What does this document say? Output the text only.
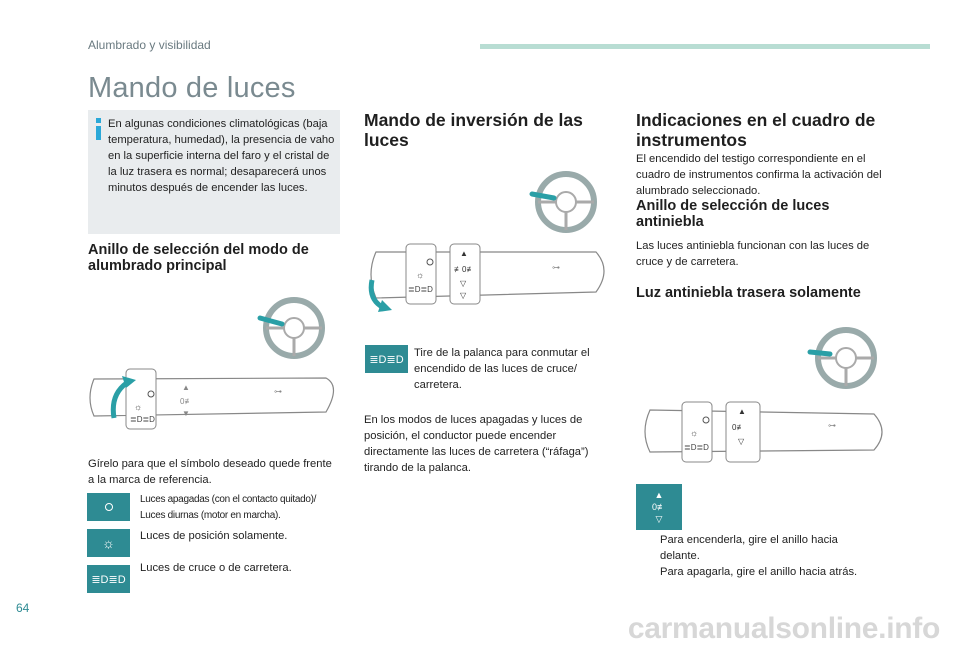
Alumbrado y visibilidad
Mando de luces
En algunas condiciones climatológicas (baja temperatura, humedad), la presencia de vaho en la superficie interna del faro y el cristal de la luz trasera es normal; desaparecerá unos minutos después de encender las luces.
Anillo de selección del modo de alumbrado principal
☼
≣D≣D
▲
0≢
▼
⊶
Gírelo para que el símbolo deseado quede frente a la marca de referencia.
Luces apagadas (con el contacto quitado)/ Luces diurnas (motor en marcha).
☼	Luces de posición solamente.
≣D≣D
Luces de cruce o de carretera.
Mando de inversión de las luces
☼
≣D≣D
▲
≢0≢
▽
▽
⊶
≣D≣D
Tire de la palanca para conmutar el encendido de las luces de cruce/ carretera.
En los modos de luces apagadas y luces de posición, el conductor puede encender directamente las luces de carretera (“ráfaga”) tirando de la palanca.
Indicaciones en el cuadro de instrumentos
El encendido del testigo correspondiente en el cuadro de instrumentos confirma la activación del alumbrado seleccionado.
Anillo de selección de luces antiniebla
Las luces antiniebla funcionan con las luces de cruce y de carretera.
Luz antiniebla trasera solamente
☼
≣D≣D
▲
0≢
▽
⊶
▲
0≢
▽
Para encenderla, gire el anillo hacia delante.
Para apagarla, gire el anillo hacia atrás.
64
carmanualsonline.info
